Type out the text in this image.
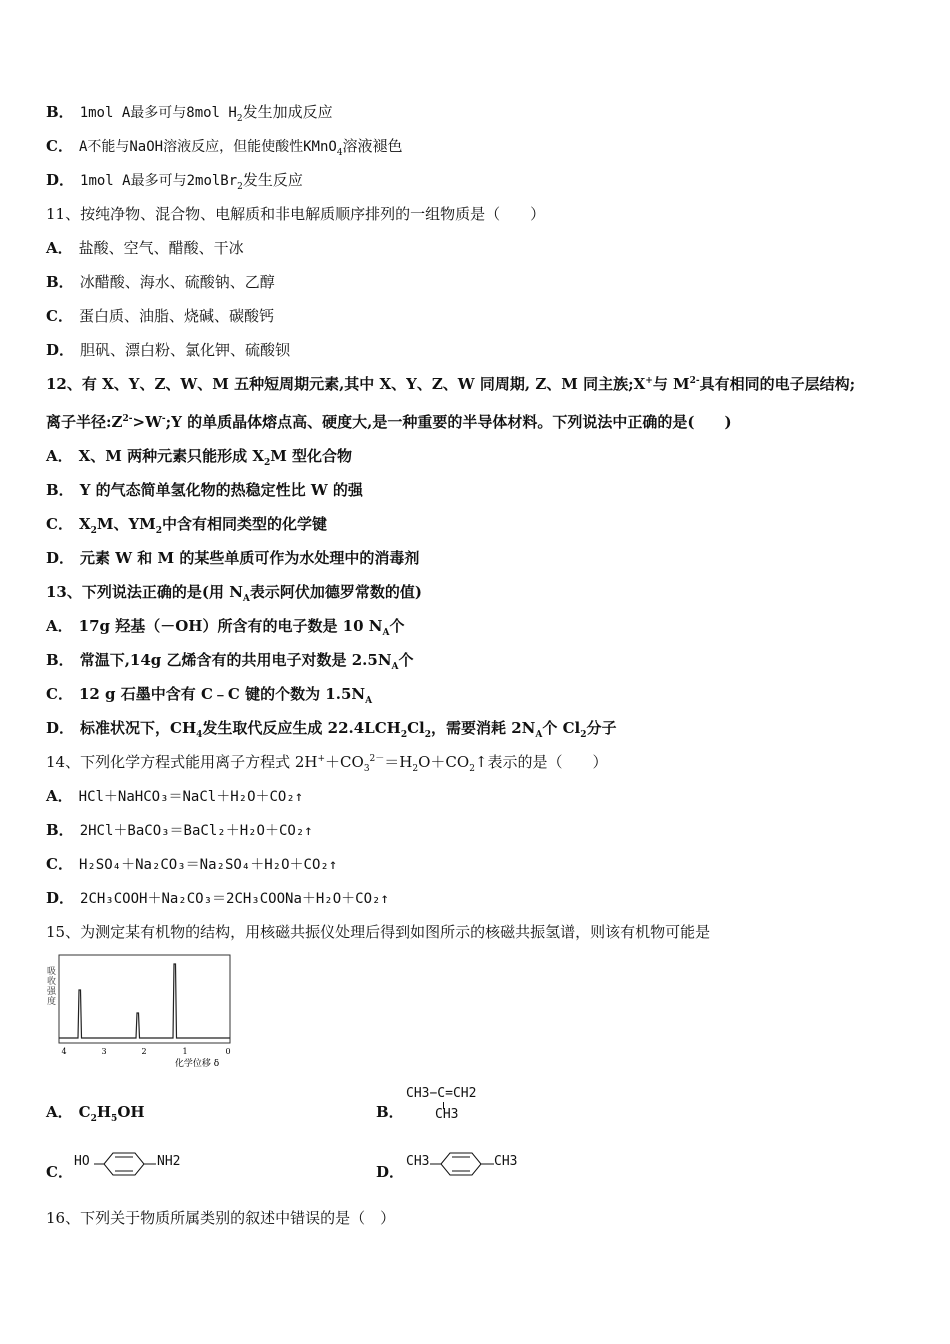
B． 1mol A最多可与8mol $H_2$发生加成反应
C． A不能与NaOH溶液反应，但能使酸性KMnO$_4$溶液褪色
D． 1mol A最多可与2molBr$_2$发生反应
11、按纯净物、混合物、电解质和非电解质顺序排列的一组物质是（　　）
A． 盐酸、空气、醋酸、干冰
B． 冰醋酸、海水、硫酸钠、乙醇
C． 蛋白质、油脂、烧碱、碳酸钙
D． 胆矾、漂白粉、氯化钾、硫酸钡
12、有 X、Y、Z、W、M 五种短周期元素,其中 X、Y、Z、W 同周期, Z、M 同主族;X+与 $M^{2-}$具有相同的电子层结构;
离子半径$:Z^{2-}>W^-;Y$ 的单质晶体熔点高、硬度大,是一种重要的半导体材料。下列说法中正确的是(　　)
A． X、M 两种元素只能形成 $X_2M$ 型化合物
B． Y 的气态简单氢化物的热稳定性比 W 的强
C． $X_2M$、$YM_2$中含有相同类型的化学键
D． 元素 W 和 M 的某些单质可作为水处理中的消毒剂
13、下列说法正确的是(用 $N_A$表示阿伏加德罗常数的值)
A． 17g 羟基（－OH）所含有的电子数是 10 $N_A$个
B． 常温下,14g 乙烯含有的共用电子对数是 $2.5N_A$个
C． 12 g 石墨中含有 C﹣C 键的个数为 $1.5N_A$
D． 标准状况下，$CH_4$发生取代反应生成 $22.4LCH_2Cl_2$，需要消耗 $2N_A$个 $Cl_2$分子
14、下列化学方程式能用离子方程式 $2H^++CO_3^{2-}=H_2O+CO_2↑$表示的是（　　）
A． HCl＋NaHCO₃＝NaCl＋H₂O＋CO₂↑
B． 2HCl＋BaCO₃＝BaCl₂＋H₂O＋CO₂↑
C． H₂SO₄＋Na₂CO₃＝Na₂SO₄＋H₂O＋CO₂↑
D． 2CH₃COOH＋Na₂CO₃＝2CH₃COONa＋H₂O＋CO₂↑
15、为测定某有机物的结构，用核磁共振仪处理后得到如图所示的核磁共振氢谱，则该有机物可能是
吸
收
强
度
4	3	2	1	0
化学位移 δ
A． $C_2H_5OH$	B．
CH3−C=CH2
CH3
C．
HO	NH2
D．
CH3	CH3
16、下列关于物质所属类别的叙述中错误的是（　）
